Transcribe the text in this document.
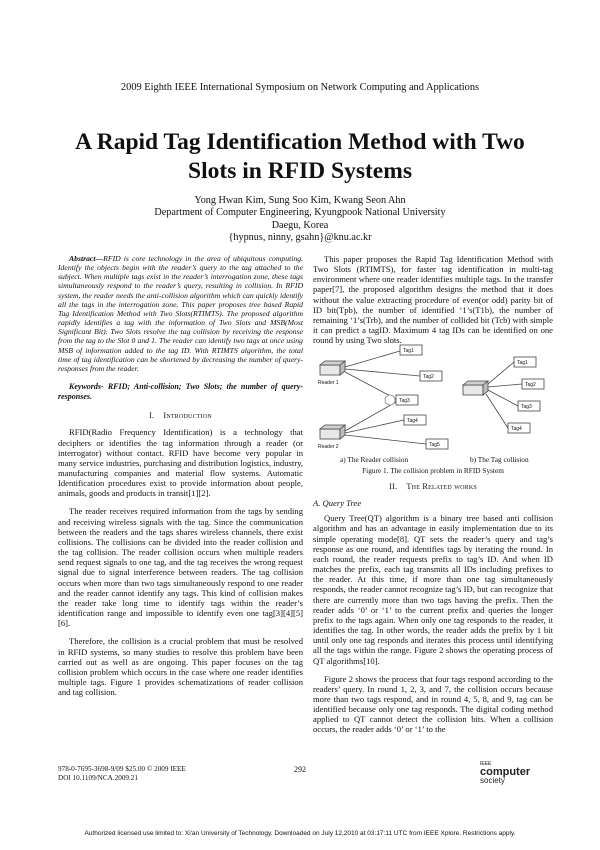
2009 Eighth IEEE International Symposium on Network Computing and Applications
A Rapid Tag Identification Method with Two
Slots in RFID Systems
Yong Hwan Kim, Sung Soo Kim, Kwang Seon Ahn
Department of Computer Engineering, Kyungpook National University
Daegu, Korea
{hypnus, ninny, gsahn}@knu.ac.kr

Abstract—RFID is core technology in the area of ubiquitous computing. Identify the objects begin with the reader’s query to the tag attached to the subject. When multiple tags exist in the reader’s interrogation zone, these tags simultaneously respond to the reader’s query, resulting in collision. In RFID system, the reader needs the anti-collision algorithm which can quickly identify all the tags in the interrogation zone. This paper proposes tree based Rapid Tag Identification Method with Two Slots(RTIMTS). The proposed algorithm rapidly identifies a tag with the information of Two Slots and MSB(Most Significant Bit). Two Slots resolve the tag collision by receiving the response from the tag to the Slot 0 and 1. The reader can identify two tags at once using MSB of information added to the tag ID. With RTIMTS algorithm, the total time of tag identification can be shortened by decreasing the number of query-responses from the reader.

Keywords- RFID; Anti-collision; Two Slots; the number of query-responses.

I. Introduction

RFID(Radio Frequency Identification) is a technology that deciphers or identifies the tag information through a reader (or interrogator) without contact. RFID have become very popular in many service industries, purchasing and distribution logistics, industry, manufacturing companies and material flow systems. Automatic Identification procedures exist to provide information about people, animals, goods and products in transit[1][2].

The reader receives required information from the tags by sending and receiving wireless signals with the tag. Since the communication between the readers and the tags shares wireless channels, there exist collisions. The collisions can be divided into the reader collision and the tag collision. The reader collision occurs when multiple readers send request signals to one tag, and the tag receives the wrong request signal due to signal interference between readers. The tag collision occurs when more than two tags simultaneously respond to one reader and the reader cannot identify any tags. This kind of collision makes the reader take long time to identify tags within the reader’s identification range and impossible to identify even one tag[3][4][5] [6].

Therefore, the collision is a crucial problem that must be resolved in RFID systems, so many studies to resolve this problem have been carried out as well as are ongoing. This paper focuses on the tag collision problem which occurs in the case where one reader identifies multiple tags. Figure 1 provides schematizations of reader collision and tag collision.

This paper proposes the Rapid Tag Identification Method with Two Slots (RTIMTS), for faster tag identification in multi-tag environment where one reader identifies multiple tags. In the transfer paper[7], the proposed algorithm designs the method that it does without the value extracting procedure of even(or odd) parity bit of ID bit(Tpb), the number of identified ‘1’s(T1b), the number of remaining ‘1’s(Trb), and the number of collided bit (Tcb) with simple it can predict a tagID. Maximum 4 tag IDs can be identified on one round by using Two slots.

Reader 1
Reader 2
Tag1
Tag2
Tag3
Tag4
Tag5
Tag1
Tag2
Tag3
Tag4
a) The Reader collision	b) The Tag collision
Figure 1. The collision problem in RFID System

II. The Related works

A. Query Tree

Query Tree(QT) algorithm is a binary tree based anti collision algorithm and has an advantage in easily implementation due to its simple operating mode[8]. QT sets the reader’s query and tag’s response as one round, and identifies tags by iterating the round. In each round, the reader requests prefix to tag’s ID. And when ID matches the prefix, each tag transmits all IDs including prefixes to the reader. At this time, if more than one tag simultaneously responds, the reader cannot recognize tag’s ID, but can recognize that there are currently more than two tags having the prefix. Then the reader adds ‘0’ or ‘1’ to the current prefix and queries the longer prefix to the tags again. When only one tag responds to the reader, it identifies the tag. In other words, the reader adds the prefix by 1 bit until only one tag responds and iterates this process until identifying all the tags within the range. Figure 2 shows the operating process of QT algorithms[10].

Figure 2 shows the process that four tags respond according to the readers’ query. In round 1, 2, 3, and 7, the collision occurs because more than two tags respond, and in round 4, 5, 8, and 9, tag can be identified because only one tag responds. The digital coding method applied to QT cannot detect the collision bits. When a collision occurs, the reader adds ‘0’ or ‘1’ to the

978-0-7695-3698-9/09 $25.00 © 2009 IEEE
DOI 10.1109/NCA.2009.21
292
IEEE
computer
society
Authorized licensed use limited to: Xi'an University of Technology. Downloaded on July 12,2010 at 03:17:11 UTC from IEEE Xplore. Restrictions apply.
